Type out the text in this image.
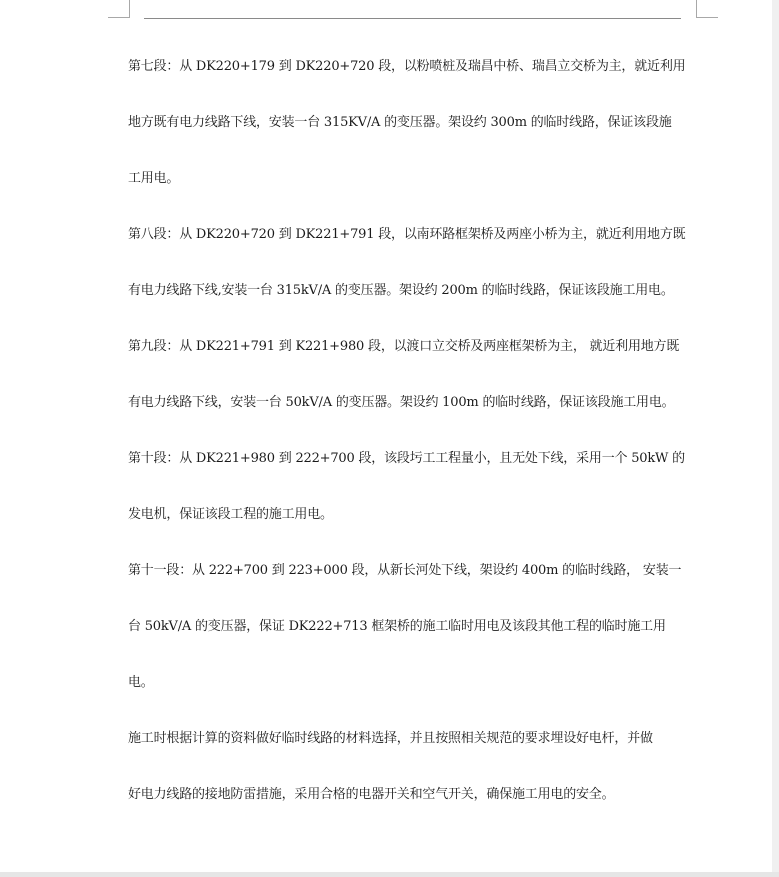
第七段：从 DK220+179 到 DK220+720 段，以粉喷桩及瑞昌中桥、瑞昌立交桥为主，就近利用
地方既有电力线路下线，安装一台 315KV/A 的变压器。架设约 300m 的临时线路，保证该段施
工用电。

第八段：从 DK220+720 到 DK221+791 段，以南环路框架桥及两座小桥为主，就近利用地方既
有电力线路下线,安装一台 315kV/A 的变压器。架设约 200m 的临时线路，保证该段施工用电。

第九段：从 DK221+791 到 K221+980 段，以渡口立交桥及两座框架桥为主， 就近利用地方既
有电力线路下线，安装一台 50kV/A 的变压器。架设约 100m 的临时线路，保证该段施工用电。

第十段：从 DK221+980 到 222+700 段，该段圬工工程量小，且无处下线，采用一个 50kW 的
发电机，保证该段工程的施工用电。

第十一段：从 222+700 到 223+000 段，从新长河处下线，架设约 400m 的临时线路， 安装一
台 50kV/A 的变压器，保证 DK222+713 框架桥的施工临时用电及该段其他工程的临时施工用
电。

施工时根据计算的资料做好临时线路的材料选择，并且按照相关规范的要求埋设好电杆，并做
好电力线路的接地防雷措施，采用合格的电器开关和空气开关，确保施工用电的安全。
